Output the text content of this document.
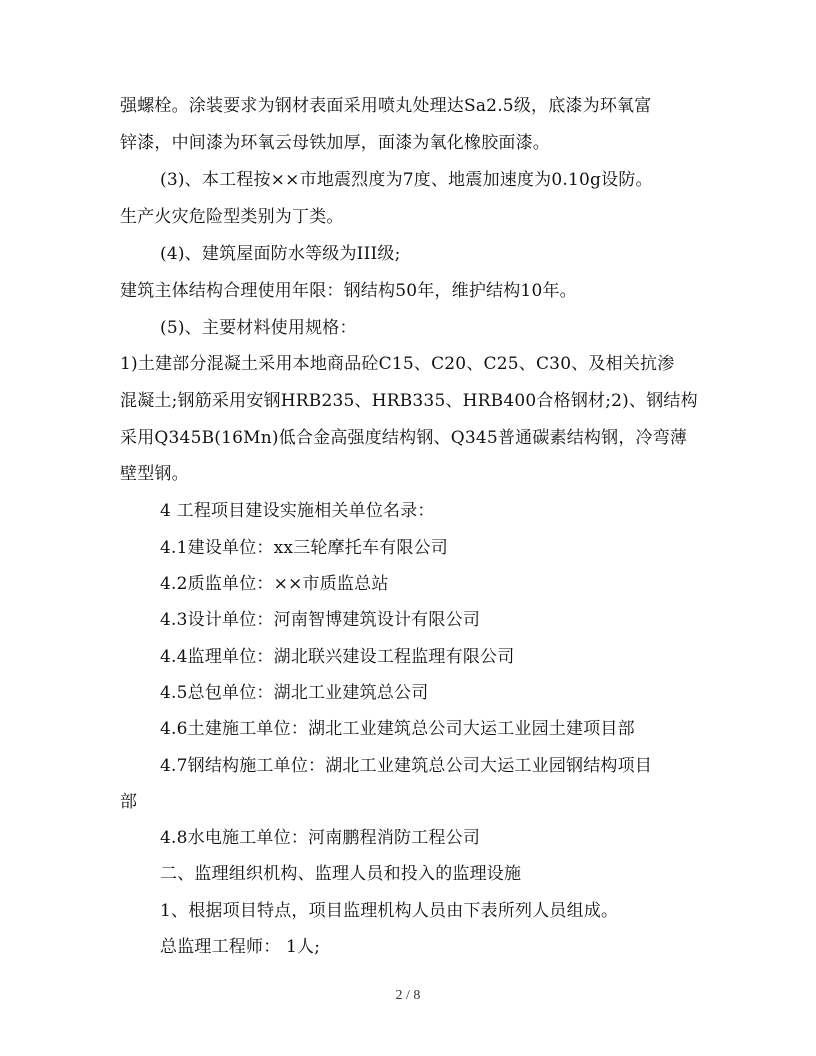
强螺栓。涂装要求为钢材表面采用喷丸处理达Sa2.5级，底漆为环氧富
锌漆，中间漆为环氧云母铁加厚，面漆为氧化橡胶面漆。
(3)、本工程按××市地震烈度为7度、地震加速度为0.10g设防。
生产火灾危险型类别为丁类。
(4)、建筑屋面防水等级为III级;
建筑主体结构合理使用年限：钢结构50年，维护结构10年。
(5)、主要材料使用规格：
1)土建部分混凝土采用本地商品砼C15、C20、C25、C30、及相关抗渗
混凝土;钢筋采用安钢HRB235、HRB335、HRB400合格钢材;2)、钢结构
采用Q345B(16Mn)低合金高强度结构钢、Q345普通碳素结构钢，冷弯薄
壁型钢。
4 工程项目建设实施相关单位名录：
4.1建设单位：xx三轮摩托车有限公司
4.2质监单位：××市质监总站
4.3设计单位：河南智博建筑设计有限公司
4.4监理单位：湖北联兴建设工程监理有限公司
4.5总包单位：湖北工业建筑总公司
4.6土建施工单位：湖北工业建筑总公司大运工业园土建项目部
4.7钢结构施工单位：湖北工业建筑总公司大运工业园钢结构项目
部
4.8水电施工单位：河南鹏程消防工程公司
二、监理组织机构、监理人员和投入的监理设施
1、根据项目特点，项目监理机构人员由下表所列人员组成。
总监理工程师： 1人;
2 / 8
